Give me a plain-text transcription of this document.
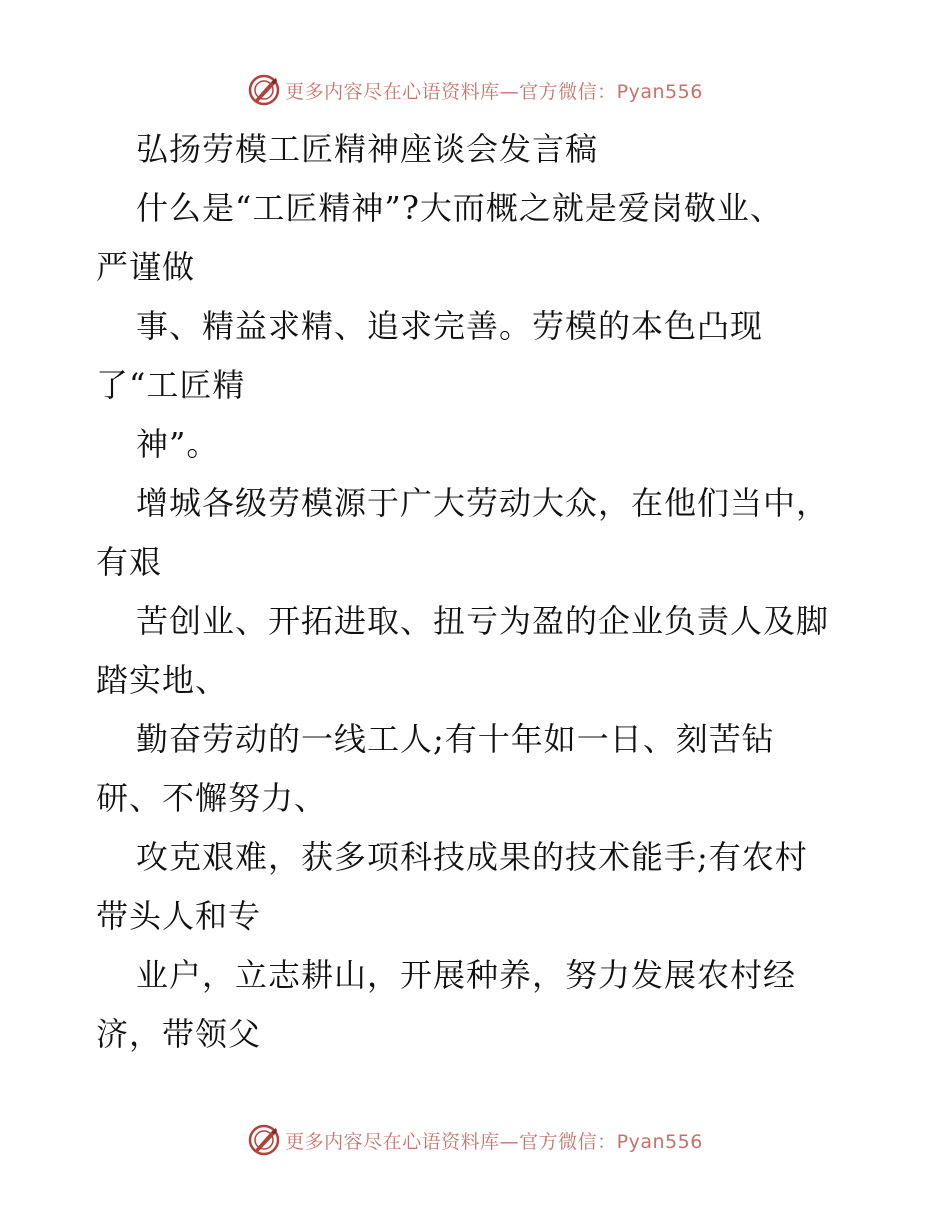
更多内容尽在心语资料库—官方微信：Pyan556
弘扬劳模工匠精神座谈会发言稿
什么是“工匠精神”?大而概之就是爱岗敬业、
严谨做
事、精益求精、追求完善。劳模的本色凸现
了“工匠精
神”。
增城各级劳模源于广大劳动大众，在他们当中，
有艰
苦创业、开拓进取、扭亏为盈的企业负责人及脚
踏实地、
勤奋劳动的一线工人;有十年如一日、刻苦钻
研、不懈努力、
攻克艰难，获多项科技成果的技术能手;有农村
带头人和专
业户，立志耕山，开展种养，努力发展农村经
济，带领父
更多内容尽在心语资料库—官方微信：Pyan556
